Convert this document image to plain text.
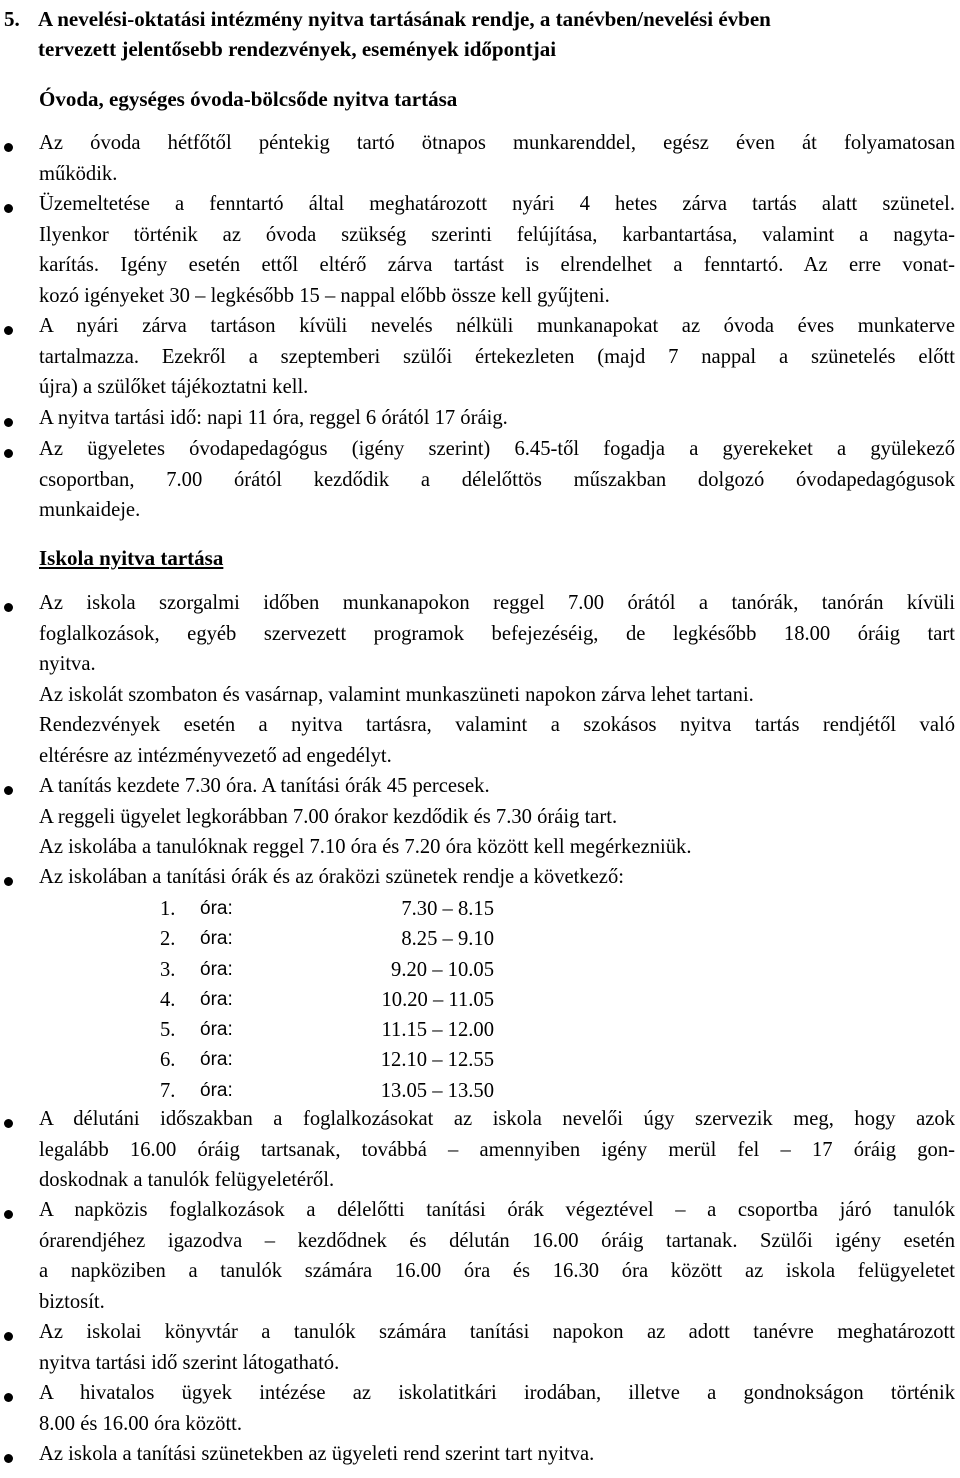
5. A nevelési-oktatási intézmény nyitva tartásának rendje, a tanévben/nevelési évben
tervezett jelentősebb rendezvények, események időpontjai
Óvoda, egységes óvoda-bölcsőde nyitva tartása
Az óvoda hétfőtől péntekig tartó ötnapos munkarenddel, egész éven át folyamatosan
működik.
Üzemeltetése a fenntartó által meghatározott nyári 4 hetes zárva tartás alatt szünetel.
Ilyenkor történik az óvoda szükség szerinti felújítása, karbantartása, valamint a nagyta-
karítás. Igény esetén ettől eltérő zárva tartást is elrendelhet a fenntartó. Az erre vonat-
kozó igényeket 30 – legkésőbb 15 – nappal előbb össze kell gyűjteni.
A nyári zárva tartáson kívüli nevelés nélküli munkanapokat az óvoda éves munkaterve
tartalmazza. Ezekről a szeptemberi szülői értekezleten (majd 7 nappal a szünetelés előtt
újra) a szülőket tájékoztatni kell.
A nyitva tartási idő: napi 11 óra, reggel 6 órától 17 óráig.
Az ügyeletes óvodapedagógus (igény szerint) 6.45-től fogadja a gyerekeket a gyülekező
csoportban, 7.00 órától kezdődik a délelőttös műszakban dolgozó óvodapedagógusok
munkaideje.
Iskola nyitva tartása
Az iskola szorgalmi időben munkanapokon reggel 7.00 órától a tanórák, tanórán kívüli
foglalkozások, egyéb szervezett programok befejezéséig, de legkésőbb 18.00 óráig tart
nyitva.
Az iskolát szombaton és vasárnap, valamint munkaszüneti napokon zárva lehet tartani.
Rendezvények esetén a nyitva tartásra, valamint a szokásos nyitva tartás rendjétől való
eltérésre az intézményvezető ad engedélyt.
A tanítás kezdete 7.30 óra. A tanítási órák 45 percesek.
A reggeli ügyelet legkorábban 7.00 órakor kezdődik és 7.30 óráig tart.
Az iskolába a tanulóknak reggel 7.10 óra és 7.20 óra között kell megérkezniük.
Az iskolában a tanítási órák és az óraközi szünetek rendje a következő:
1. óra:	7.30 – 8.15
2. óra:	8.25 – 9.10
3. óra:	9.20 – 10.05
4. óra:	10.20 – 11.05
5. óra:	11.15 – 12.00
6. óra:	12.10 – 12.55
7. óra:	13.05 – 13.50
A délutáni időszakban a foglalkozásokat az iskola nevelői úgy szervezik meg, hogy azok
legalább 16.00 óráig tartsanak, továbbá – amennyiben igény merül fel – 17 óráig gon-
doskodnak a tanulók felügyeletéről.
A napközis foglalkozások a délelőtti tanítási órák végeztével – a csoportba járó tanulók
órarendjéhez igazodva – kezdődnek és délután 16.00 óráig tartanak. Szülői igény esetén
a napköziben a tanulók számára 16.00 óra és 16.30 óra között az iskola felügyeletet
biztosít.
Az iskolai könyvtár a tanulók számára tanítási napokon az adott tanévre meghatározott
nyitva tartási idő szerint látogatható.
A hivatalos ügyek intézése az iskolatitkári irodában, illetve a gondnokságon történik
8.00 és 16.00 óra között.
Az iskola a tanítási szünetekben az ügyeleti rend szerint tart nyitva.
